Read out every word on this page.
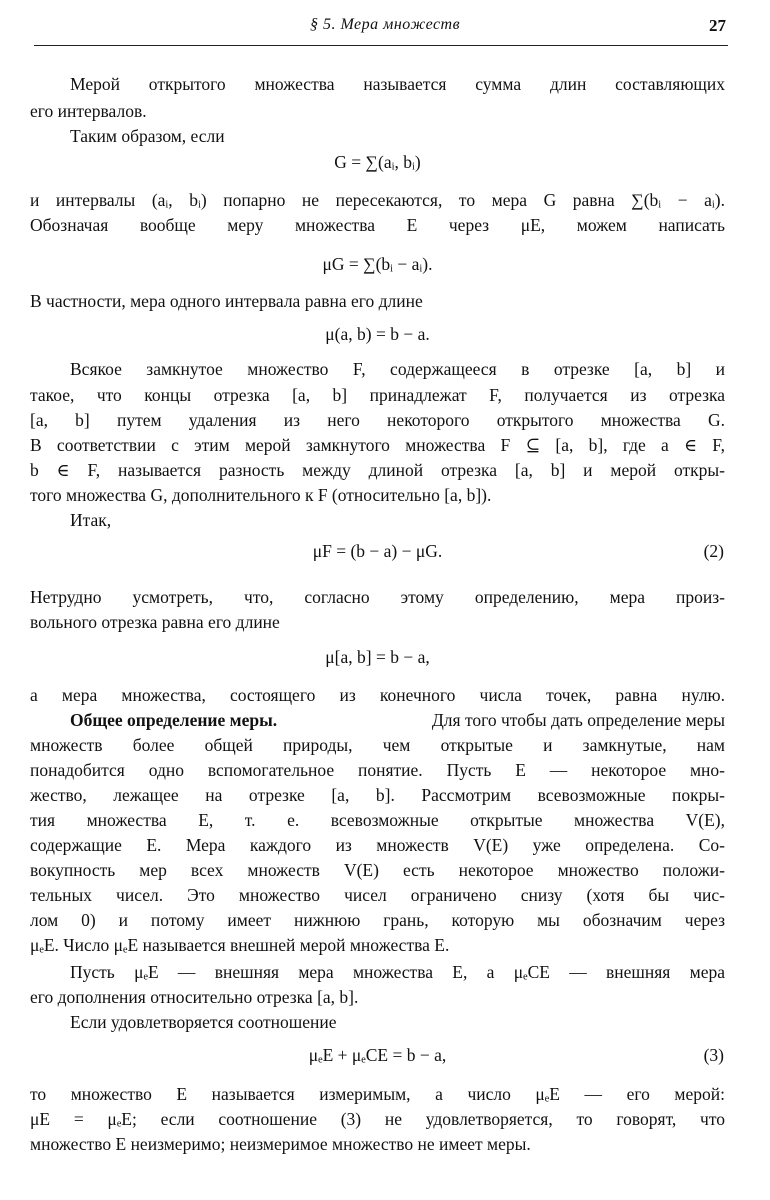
§ 5. Мера множеств	27
Мерой открытого множества называется сумма длин составляющих
его интервалов.
Таким образом, если
G = ∑(aᵢ, bᵢ)
и интервалы (aᵢ, bᵢ) попарно не пересекаются, то мера G равна ∑(bᵢ − aᵢ).
Обозначая вообще меру множества E через μE, можем написать
μG = ∑(bᵢ − aᵢ).
В частности, мера одного интервала равна его длине
μ(a, b) = b − a.
Всякое замкнутое множество F, содержащееся в отрезке [a, b] и
такое, что концы отрезка [a, b] принадлежат F, получается из отрезка
[a, b] путем удаления из него некоторого открытого множества G.
В соответствии с этим мерой замкнутого множества F ⊆ [a, b], где a ∈ F,
b ∈ F, называется разность между длиной отрезка [a, b] и мерой откры-
того множества G, дополнительного к F (относительно [a, b]).
Итак,
μF = (b − a) − μG.	(2)
Нетрудно усмотреть, что, согласно этому определению, мера произ-
вольного отрезка равна его длине
μ[a, b] = b − a,
а мера множества, состоящего из конечного числа точек, равна нулю.
Общее определение меры.	Для того чтобы дать определение меры
множеств более общей природы, чем открытые и замкнутые, нам
понадобится одно вспомогательное понятие. Пусть E — некоторое мно-
жество, лежащее на отрезке [a, b]. Рассмотрим всевозможные покры-
тия множества E, т. е. всевозможные открытые множества V(E),
содержащие E. Мера каждого из множеств V(E) уже определена. Со-
вокупность мер всех множеств V(E) есть некоторое множество положи-
тельных чисел. Это множество чисел ограничено снизу (хотя бы чис-
лом 0) и потому имеет нижнюю грань, которую мы обозначим через
μₑE. Число μₑE называется внешней мерой множества E.
Пусть μₑE — внешняя мера множества E, а μₑCE — внешняя мера
его дополнения относительно отрезка [a, b].
Если удовлетворяется соотношение
μₑE + μₑCE = b − a,	(3)
то множество E называется измеримым, а число μₑE — его мерой:
μE = μₑE; если соотношение (3) не удовлетворяется, то говорят, что
множество E неизмеримо; неизмеримое множество не имеет меры.
